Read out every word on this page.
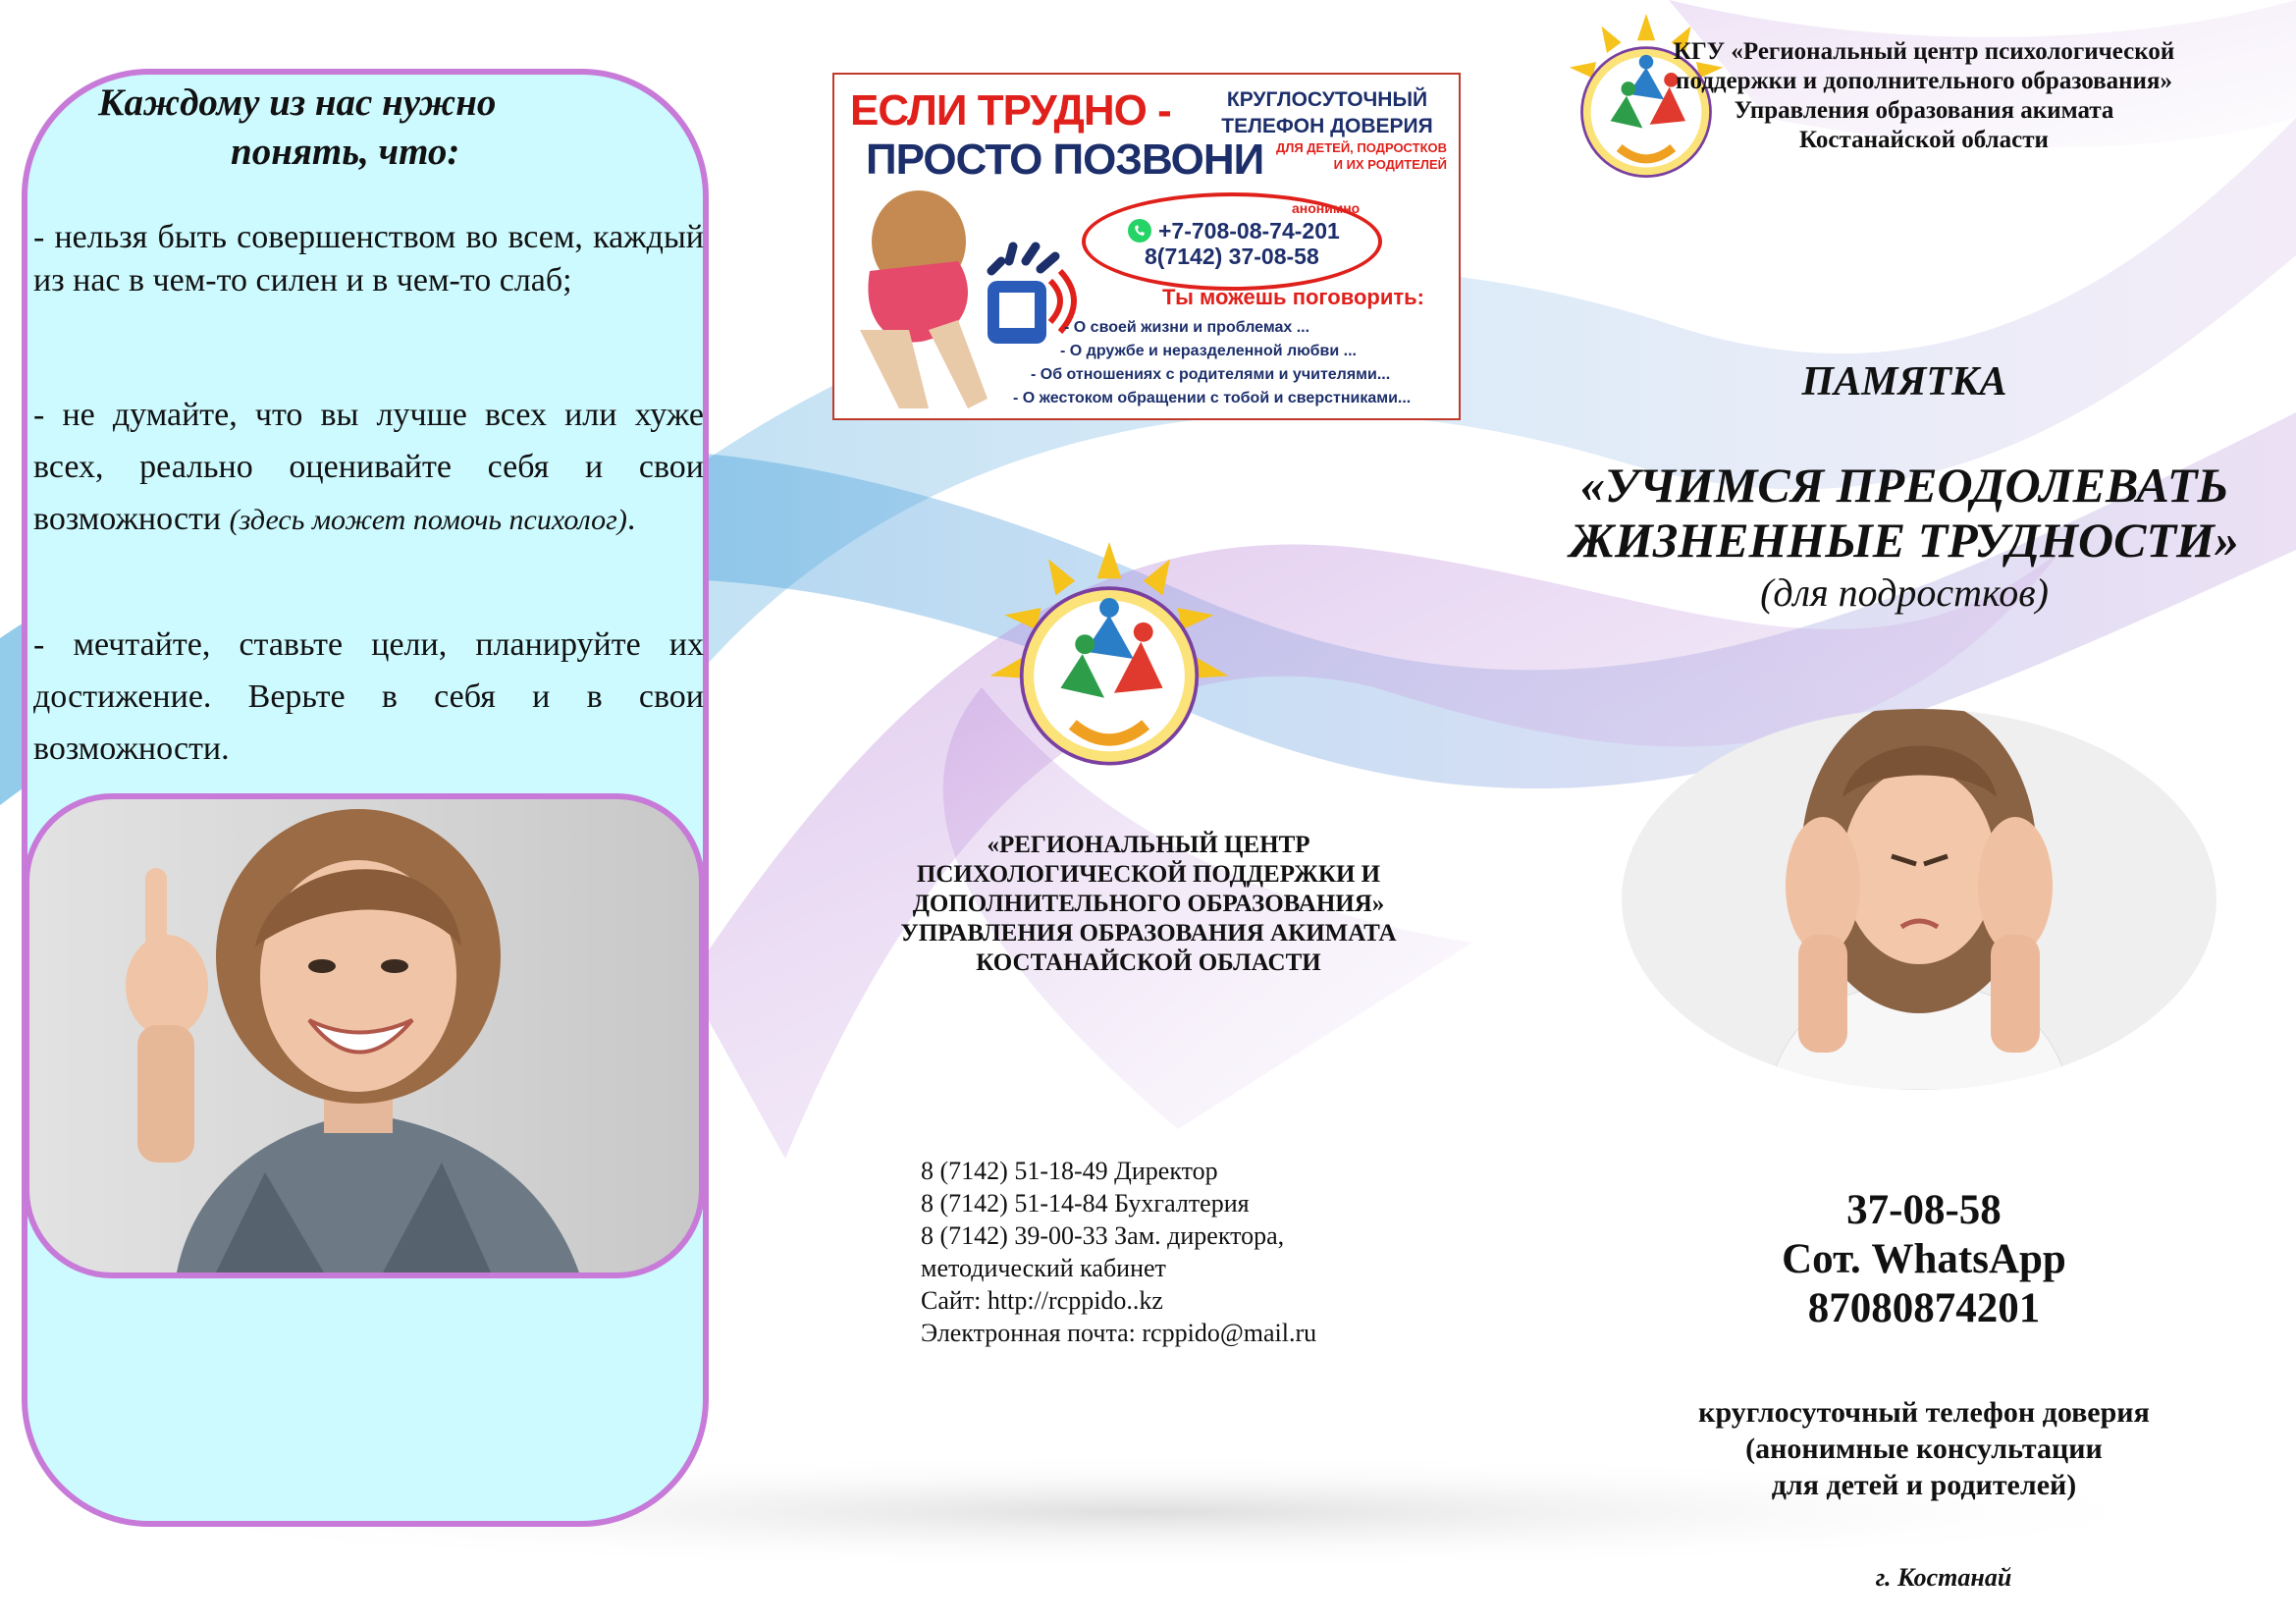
Каждому из нас нужно
понять, что:

- нельзя быть совершенством во всем, каждый из нас в чем-то силен и в чем-то слаб;

- не думайте, что вы лучше всех или хуже всех, реально оценивайте себя и свои возможности (здесь может помочь психолог).

- мечтайте, ставьте цели, планируйте их достижение. Верьте в себя и в свои возможности.

ЕСЛИ ТРУДНО -
ПРОСТО ПОЗВОНИ
КРУГЛОСУТОЧНЫЙ
ТЕЛЕФОН ДОВЕРИЯ
ДЛЯ ДЕТЕЙ, ПОДРОСТКОВ
И ИХ РОДИТЕЛЕЙ
анонимно
+7-708-08-74-201
8(7142) 37-08-58
Ты можешь поговорить:
- О своей жизни и проблемах ...
- О дружбе и неразделенной любви ...
- Об отношениях с родителями и учителями...
- О жестоком обращении с тобой и сверстниками...

«РЕГИОНАЛЬНЫЙ ЦЕНТР ПСИХОЛОГИЧЕСКОЙ ПОДДЕРЖКИ И ДОПОЛНИТЕЛЬНОГО ОБРАЗОВАНИЯ» УПРАВЛЕНИЯ ОБРАЗОВАНИЯ АКИМАТА КОСТАНАЙСКОЙ ОБЛАСТИ

8 (7142) 51-18-49 Директор
8 (7142) 51-14-84 Бухгалтерия
8 (7142) 39-00-33 Зам. директора,
методический кабинет
Сайт: http://rcppido..kz
Электронная почта: rcppido@mail.ru

КГУ «Региональный центр психологической
поддержки и дополнительного образования»
Управления образования акимата
Костанайской области

ПАМЯТКА
«УЧИМСЯ ПРЕОДОЛЕВАТЬ
ЖИЗНЕННЫЕ ТРУДНОСТИ»

(для подростков)

37-08-58
Сот. WhatsApp
87080874201

круглосуточный телефон доверия
(анонимные консультации
для детей и родителей)

г. Костанай
